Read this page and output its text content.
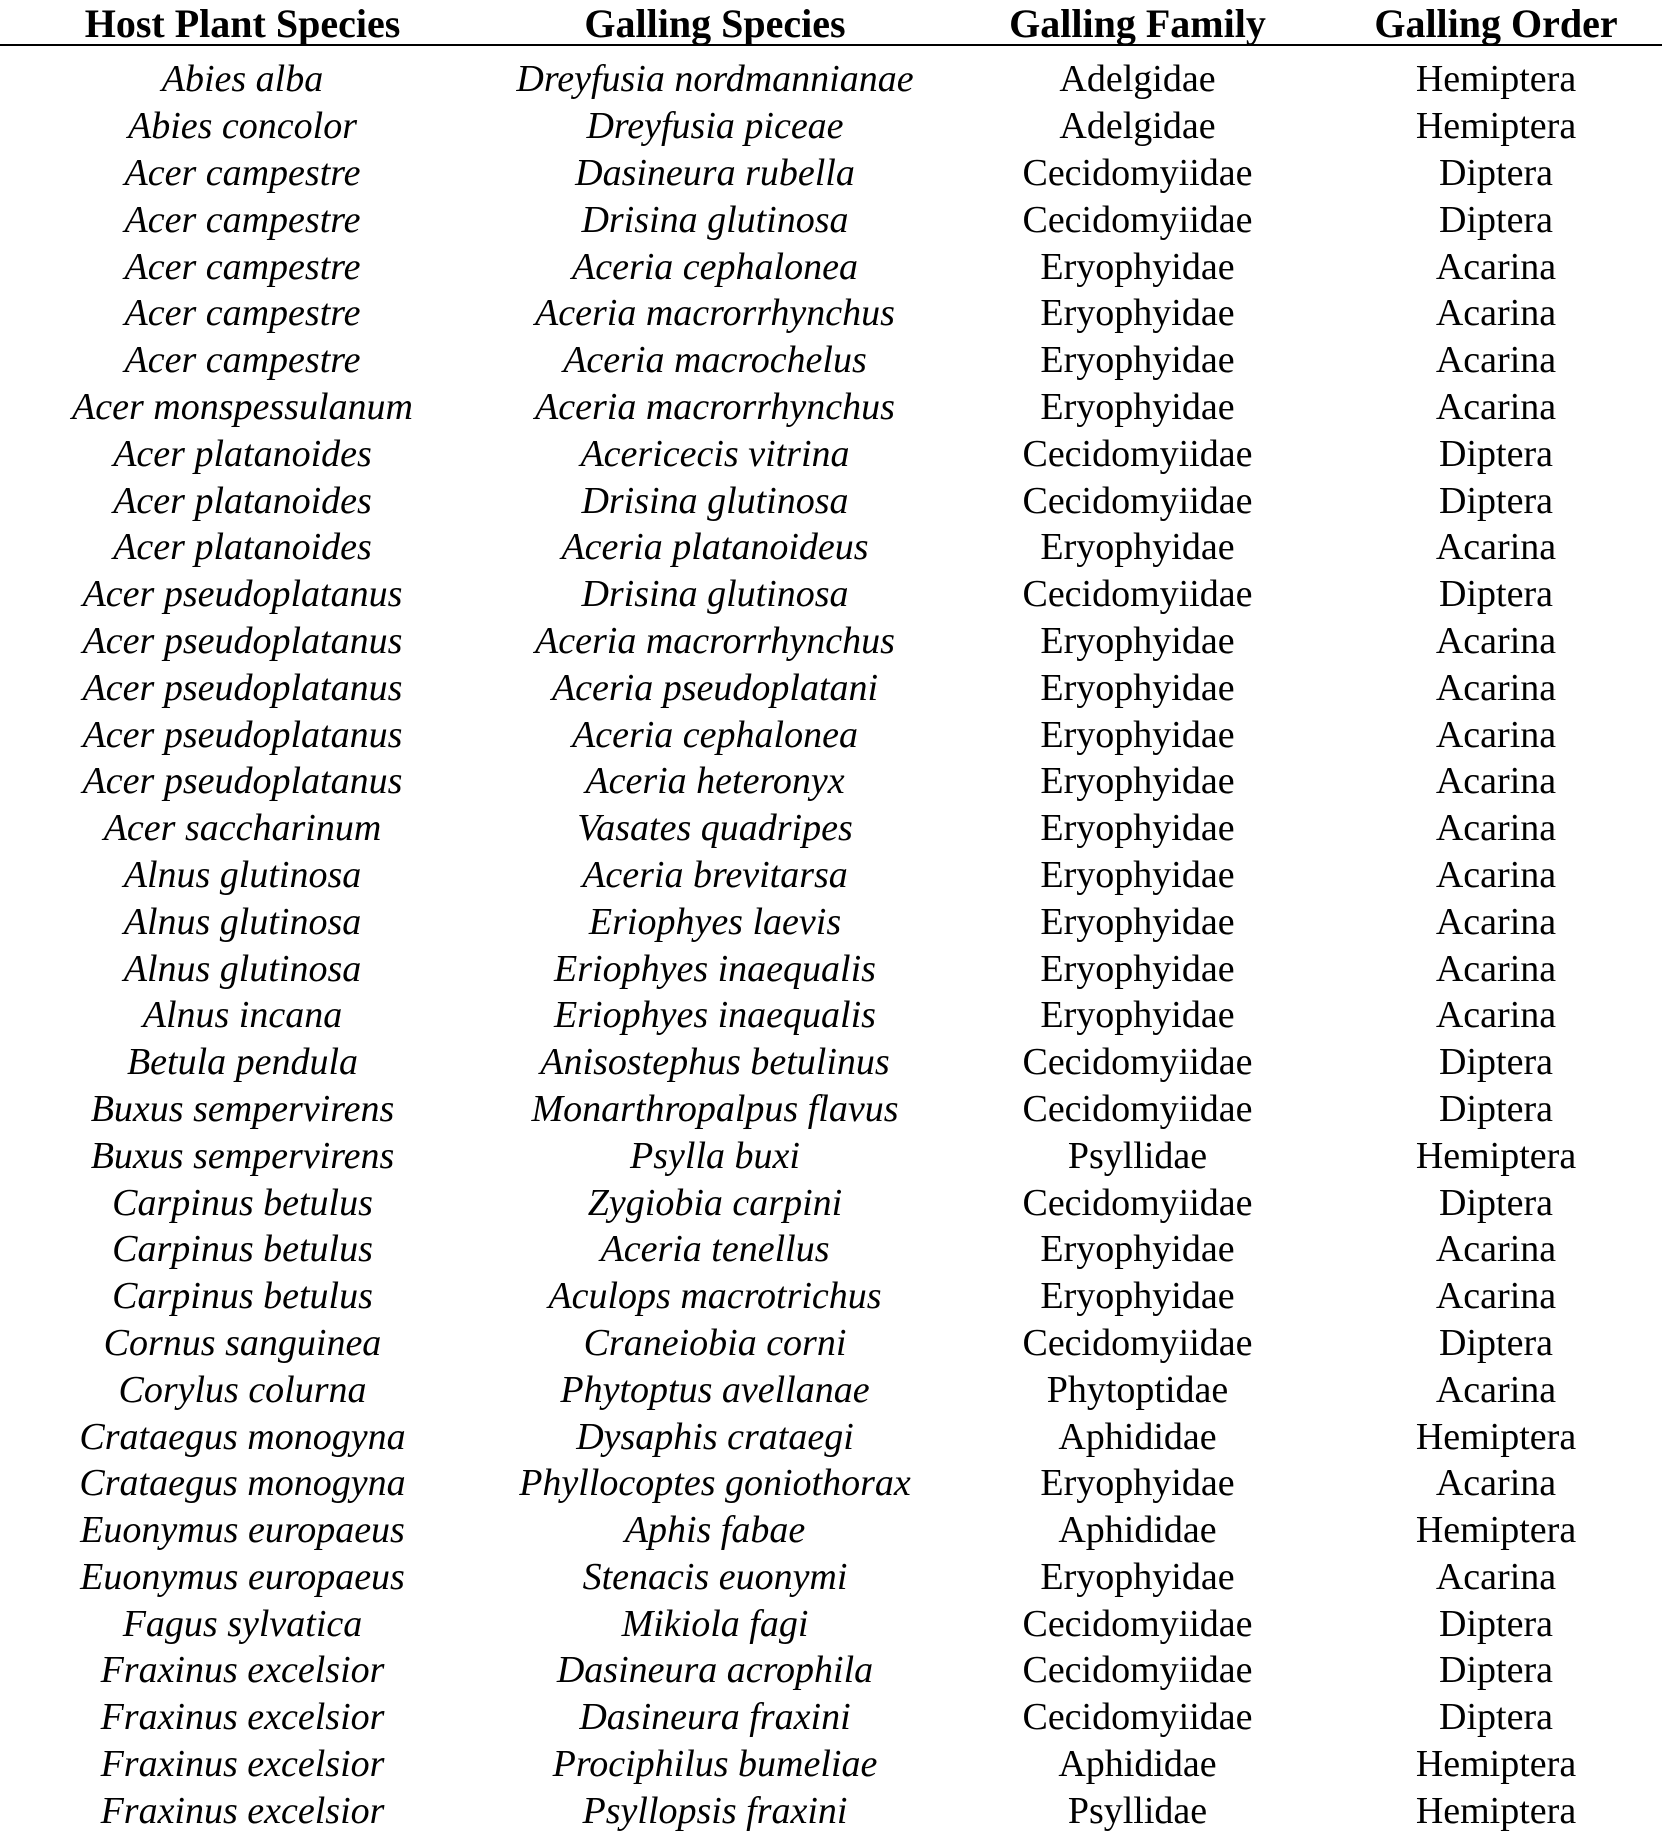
Host Plant Species	Galling Species	Galling Family	Galling Order
Abies alba	Dreyfusia nordmannianae	Adelgidae	Hemiptera
Abies concolor	Dreyfusia piceae	Adelgidae	Hemiptera
Acer campestre	Dasineura rubella	Cecidomyiidae	Diptera
Acer campestre	Drisina glutinosa	Cecidomyiidae	Diptera
Acer campestre	Aceria cephalonea	Eryophyidae	Acarina
Acer campestre	Aceria macrorrhynchus	Eryophyidae	Acarina
Acer campestre	Aceria macrochelus	Eryophyidae	Acarina
Acer monspessulanum	Aceria macrorrhynchus	Eryophyidae	Acarina
Acer platanoides	Acericecis vitrina	Cecidomyiidae	Diptera
Acer platanoides	Drisina glutinosa	Cecidomyiidae	Diptera
Acer platanoides	Aceria platanoideus	Eryophyidae	Acarina
Acer pseudoplatanus	Drisina glutinosa	Cecidomyiidae	Diptera
Acer pseudoplatanus	Aceria macrorrhynchus	Eryophyidae	Acarina
Acer pseudoplatanus	Aceria pseudoplatani	Eryophyidae	Acarina
Acer pseudoplatanus	Aceria cephalonea	Eryophyidae	Acarina
Acer pseudoplatanus	Aceria heteronyx	Eryophyidae	Acarina
Acer saccharinum	Vasates quadripes	Eryophyidae	Acarina
Alnus glutinosa	Aceria brevitarsa	Eryophyidae	Acarina
Alnus glutinosa	Eriophyes laevis	Eryophyidae	Acarina
Alnus glutinosa	Eriophyes inaequalis	Eryophyidae	Acarina
Alnus incana	Eriophyes inaequalis	Eryophyidae	Acarina
Betula pendula	Anisostephus betulinus	Cecidomyiidae	Diptera
Buxus sempervirens	Monarthropalpus flavus	Cecidomyiidae	Diptera
Buxus sempervirens	Psylla buxi	Psyllidae	Hemiptera
Carpinus betulus	Zygiobia carpini	Cecidomyiidae	Diptera
Carpinus betulus	Aceria tenellus	Eryophyidae	Acarina
Carpinus betulus	Aculops macrotrichus	Eryophyidae	Acarina
Cornus sanguinea	Craneiobia corni	Cecidomyiidae	Diptera
Corylus colurna	Phytoptus avellanae	Phytoptidae	Acarina
Crataegus monogyna	Dysaphis crataegi	Aphididae	Hemiptera
Crataegus monogyna	Phyllocoptes goniothorax	Eryophyidae	Acarina
Euonymus europaeus	Aphis fabae	Aphididae	Hemiptera
Euonymus europaeus	Stenacis euonymi	Eryophyidae	Acarina
Fagus sylvatica	Mikiola fagi	Cecidomyiidae	Diptera
Fraxinus excelsior	Dasineura acrophila	Cecidomyiidae	Diptera
Fraxinus excelsior	Dasineura fraxini	Cecidomyiidae	Diptera
Fraxinus excelsior	Prociphilus bumeliae	Aphididae	Hemiptera
Fraxinus excelsior	Psyllopsis fraxini	Psyllidae	Hemiptera
